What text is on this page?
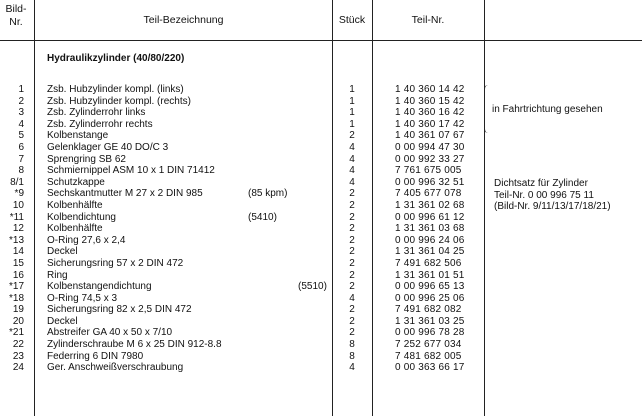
Bild-
Nr.	Teil-Bezeichnung	Stück	Teil-Nr.
Hydraulikzylinder (40/80/220)
1 Zsb. Hubzylinder kompl. (links)	1	1 40 360 14 42
2 Zsb. Hubzylinder kompl. (rechts)	1	1 40 360 15 42
3 Zsb. Zylinderrohr links	1	1 40 360 16 42
4 Zsb. Zylinderrohr rechts	1	1 40 360 17 42
5 Kolbenstange	2	1 40 361 07 67
6 Gelenklager GE 40 DO/C 3	4	0 00 994 47 30
7 Sprengring SB 62	4	0 00 992 33 27
8 Schmiernippel ASM 10 x 1 DIN 71412	4	7 761 675 005
8/1 Schutzkappe	4	0 00 996 32 51
*9 Sechskantmutter M 27 x 2 DIN 985	(85 kpm)	2	7 405 677 078
10 Kolbenhälfte	2	1 31 361 02 68
*11 Kolbendichtung	(5410)	2	0 00 996 61 12
12 Kolbenhälfte	2	1 31 361 03 68
*13 O-Ring 27,6 x 2,4	2	0 00 996 24 06
14 Deckel	2	1 31 361 04 25
15 Sicherungsring 57 x 2 DIN 472	2	7 491 682 506
16 Ring	2	1 31 361 01 51
*17 Kolbenstangendichtung	(5510)	2	0 00 996 65 13
*18 O-Ring 74,5 x 3	4	0 00 996 25 06
19 Sicherungsring 82 x 2,5 DIN 472	2	7 491 682 082
20 Deckel	2	1 31 361 03 25
*21 Abstreifer GA 40 x 50 x 7/10	2	0 00 996 78 28
22 Zylinderschraube M 6 x 25 DIN 912-8.8	8	7 252 677 034
23 Federring 6 DIN 7980	8	7 481 682 005
24 Ger. Anschweißverschraubung	4	0 00 363 66 17
in Fahrtrichtung gesehen
Dichtsatz für Zylinder
Teil-Nr. 0 00 996 75 11
(Bild-Nr. 9/11/13/17/18/21)
